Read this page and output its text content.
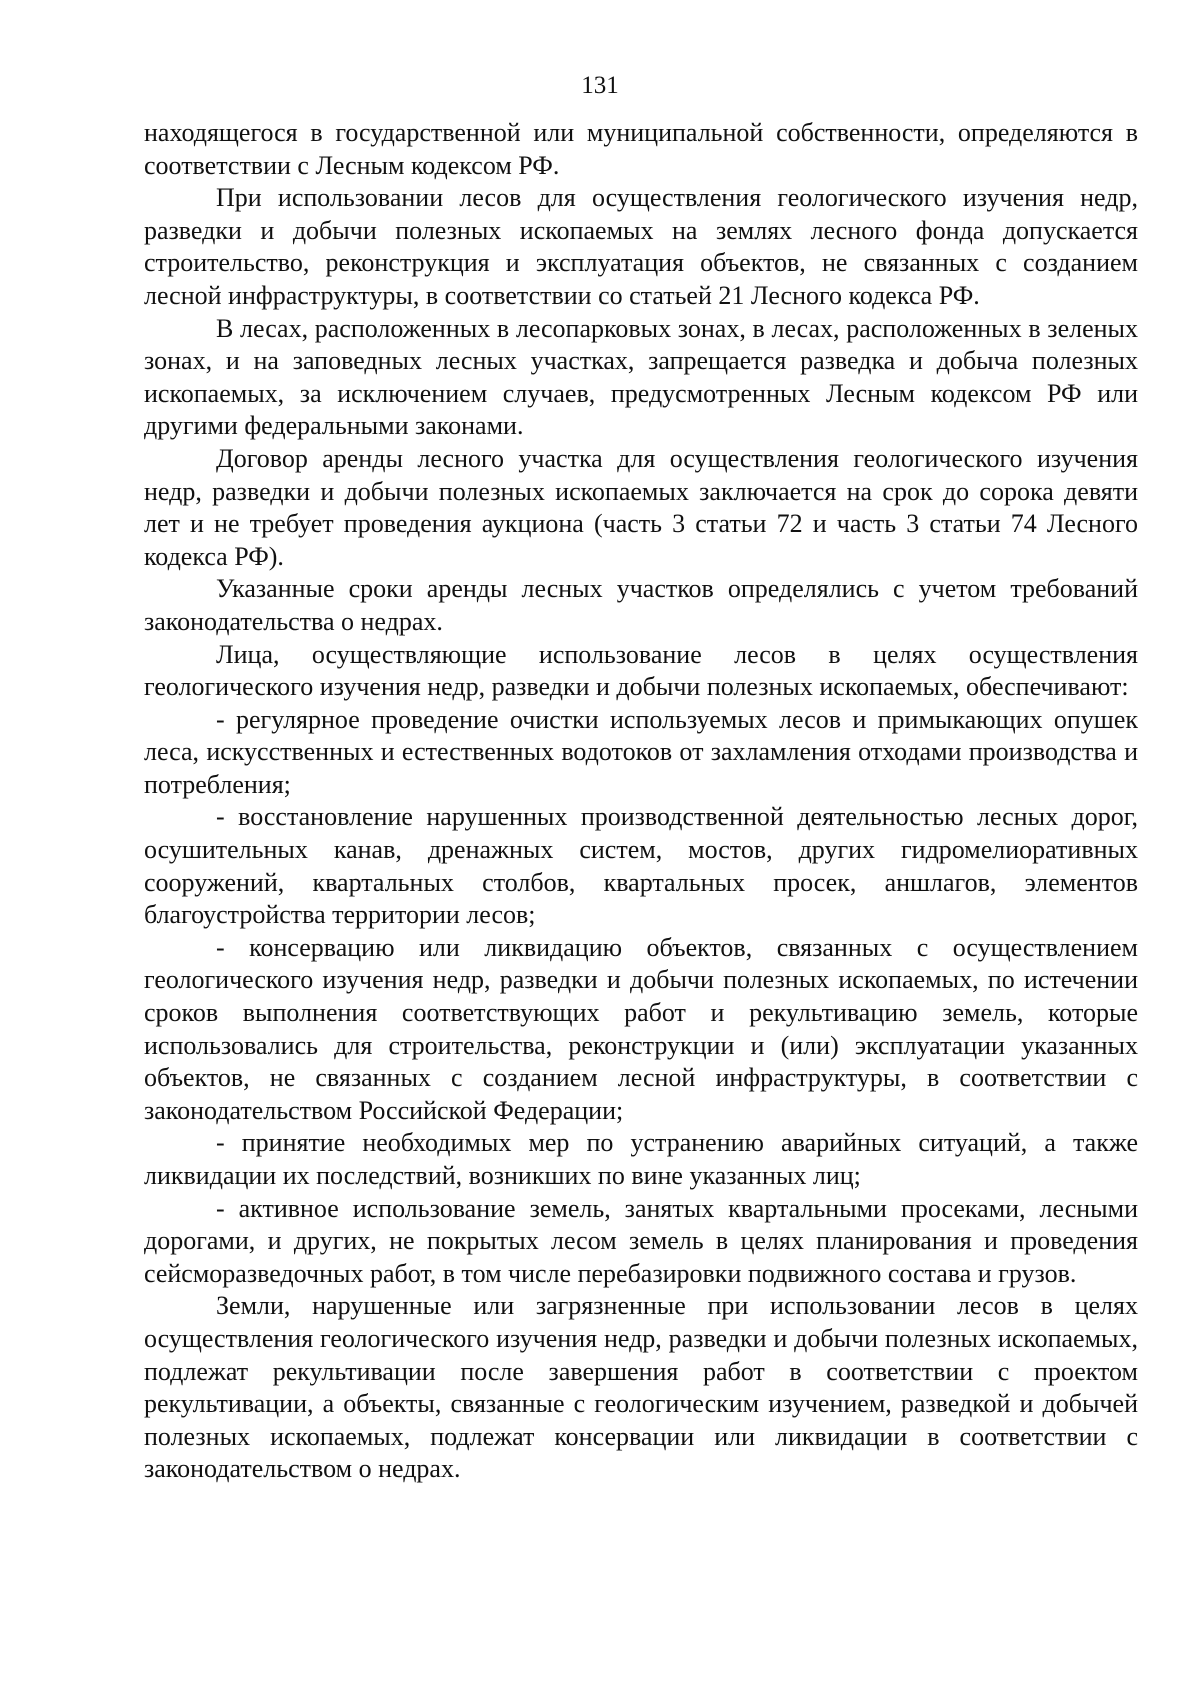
131

находящегося в государственной или муниципальной собственности, определяются в соответствии с Лесным кодексом РФ.

При использовании лесов для осуществления геологического изучения недр, разведки и добычи полезных ископаемых на землях лесного фонда допускается строительство, реконструкция и эксплуатация объектов, не связанных с созданием лесной инфраструктуры, в соответствии со статьей 21 Лесного кодекса РФ.

В лесах, расположенных в лесопарковых зонах, в лесах, расположенных в зеленых зонах, и на заповедных лесных участках, запрещается разведка и добыча полезных ископаемых, за исключением случаев, предусмотренных Лесным кодексом РФ или другими федеральными законами.

Договор аренды лесного участка для осуществления геологического изучения недр, разведки и добычи полезных ископаемых заключается на срок до сорока девяти лет и не требует проведения аукциона (часть 3 статьи 72 и часть 3 статьи 74 Лесного кодекса РФ).

Указанные сроки аренды лесных участков определялись с учетом требований законодательства о недрах.

Лица, осуществляющие использование лесов в целях осуществления геологического изучения недр, разведки и добычи полезных ископаемых, обеспечивают:

- регулярное проведение очистки используемых лесов и примыкающих опушек леса, искусственных и естественных водотоков от захламления отходами производства и потребления;

- восстановление нарушенных производственной деятельностью лесных дорог, осушительных канав, дренажных систем, мостов, других гидромелиоративных сооружений, квартальных столбов, квартальных просек, аншлагов, элементов благоустройства территории лесов;

- консервацию или ликвидацию объектов, связанных с осуществлением геологического изучения недр, разведки и добычи полезных ископаемых, по истечении сроков выполнения соответствующих работ и рекультивацию земель, которые использовались для строительства, реконструкции и (или) эксплуатации указанных объектов, не связанных с созданием лесной инфраструктуры, в соответствии с законодательством Российской Федерации;

- принятие необходимых мер по устранению аварийных ситуаций, а также ликвидации их последствий, возникших по вине указанных лиц;

- активное использование земель, занятых квартальными просеками, лесными дорогами, и других, не покрытых лесом земель в целях планирования и проведения сейсморазведочных работ, в том числе перебазировки подвижного состава и грузов.

Земли, нарушенные или загрязненные при использовании лесов в целях осуществления геологического изучения недр, разведки и добычи полезных ископаемых, подлежат рекультивации после завершения работ в соответствии с проектом рекультивации, а объекты, связанные с геологическим изучением, разведкой и добычей полезных ископаемых, подлежат консервации или ликвидации в соответствии с законодательством о недрах.
